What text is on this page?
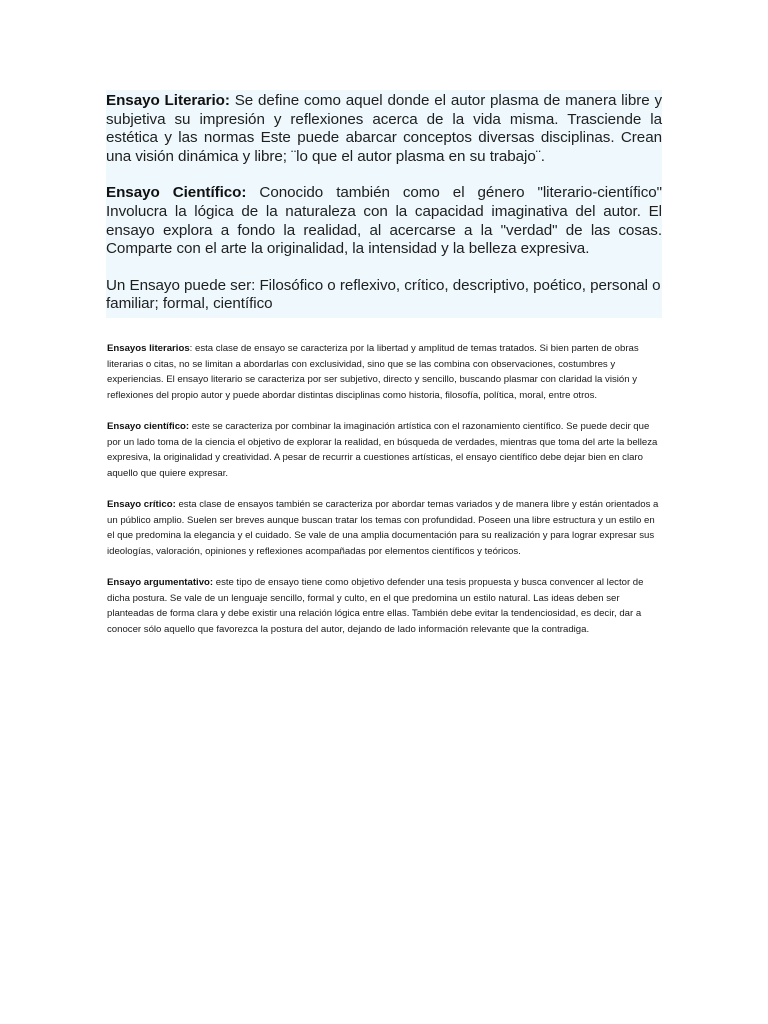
Ensayo Literario: Se define como aquel donde el autor plasma de manera libre y subjetiva su impresión y reflexiones acerca de la vida misma. Trasciende la estética y las normas Este puede abarcar conceptos diversas disciplinas. Crean una visión dinámica y libre; ¨lo que el autor plasma en su trabajo¨.

Ensayo Científico: Conocido también como el género "literario-científico" Involucra la lógica de la naturaleza con la capacidad imaginativa del autor. El ensayo explora a fondo la realidad, al acercarse a la "verdad" de las cosas. Comparte con el arte la originalidad, la intensidad y la belleza expresiva.

Un Ensayo puede ser: Filosófico o reflexivo, crítico, descriptivo, poético, personal o familiar; formal, científico

Ensayos literarios: esta clase de ensayo se caracteriza por la libertad y amplitud de temas tratados. Si bien parten de obras literarias o citas, no se limitan a abordarlas con exclusividad, sino que se las combina con observaciones, costumbres y experiencias. El ensayo literario se caracteriza por ser subjetivo, directo y sencillo, buscando plasmar con claridad la visión y reflexiones del propio autor y puede abordar distintas disciplinas como historia, filosofía, política, moral, entre otros.

Ensayo científico: este se caracteriza por combinar la imaginación artística con el razonamiento científico. Se puede decir que por un lado toma de la ciencia el objetivo de explorar la realidad, en búsqueda de verdades, mientras que toma del arte la belleza expresiva, la originalidad y creatividad. A pesar de recurrir a cuestiones artísticas, el ensayo científico debe dejar bien en claro aquello que quiere expresar.

Ensayo crítico: esta clase de ensayos también se caracteriza por abordar temas variados y de manera libre y están orientados a un público amplio. Suelen ser breves aunque buscan tratar los temas con profundidad. Poseen una libre estructura y un estilo en el que predomina la elegancia y el cuidado. Se vale de una amplia documentación para su realización y para lograr expresar sus ideologías, valoración, opiniones y reflexiones acompañadas por elementos científicos y teóricos.

Ensayo argumentativo: este tipo de ensayo tiene como objetivo defender una tesis propuesta y busca convencer al lector de dicha postura. Se vale de un lenguaje sencillo, formal y culto, en el que predomina un estilo natural. Las ideas deben ser planteadas de forma clara y debe existir una relación lógica entre ellas. También debe evitar la tendenciosidad, es decir, dar a conocer sólo aquello que favorezca la postura del autor, dejando de lado información relevante que la contradiga.
